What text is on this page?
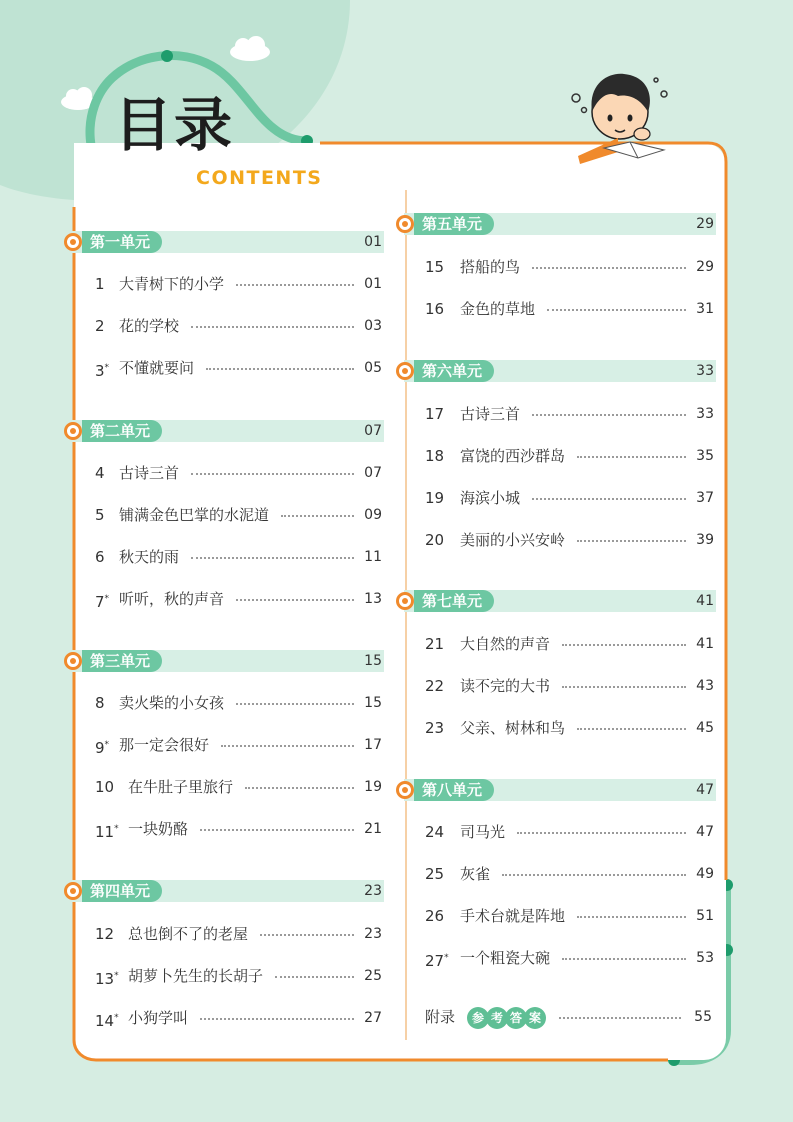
目录
CONTENTS
第一单元	01
1 大青树下的小学	01
2 花的学校	03
3* 不懂就要问	05
第二单元	07
4 古诗三首	07
5 铺满金色巴掌的水泥道	09
6 秋天的雨	11
7* 听听，秋的声音	13
第三单元	15
8 卖火柴的小女孩	15
9* 那一定会很好	17
10 在牛肚子里旅行	19
11* 一块奶酪	21
第四单元	23
12 总也倒不了的老屋	23
13* 胡萝卜先生的长胡子	25
14* 小狗学叫	27
第五单元	29
15 搭船的鸟	29
16 金色的草地	31
第六单元	33
17 古诗三首	33
18 富饶的西沙群岛	35
19 海滨小城	37
20 美丽的小兴安岭	39
第七单元	41
21 大自然的声音	41
22 读不完的大书	43
23 父亲、树林和鸟	45
第八单元	47
24 司马光	47
25 灰雀	49
26 手术台就是阵地	51
27* 一个粗瓷大碗	53
附录	参 考 答 案	55
